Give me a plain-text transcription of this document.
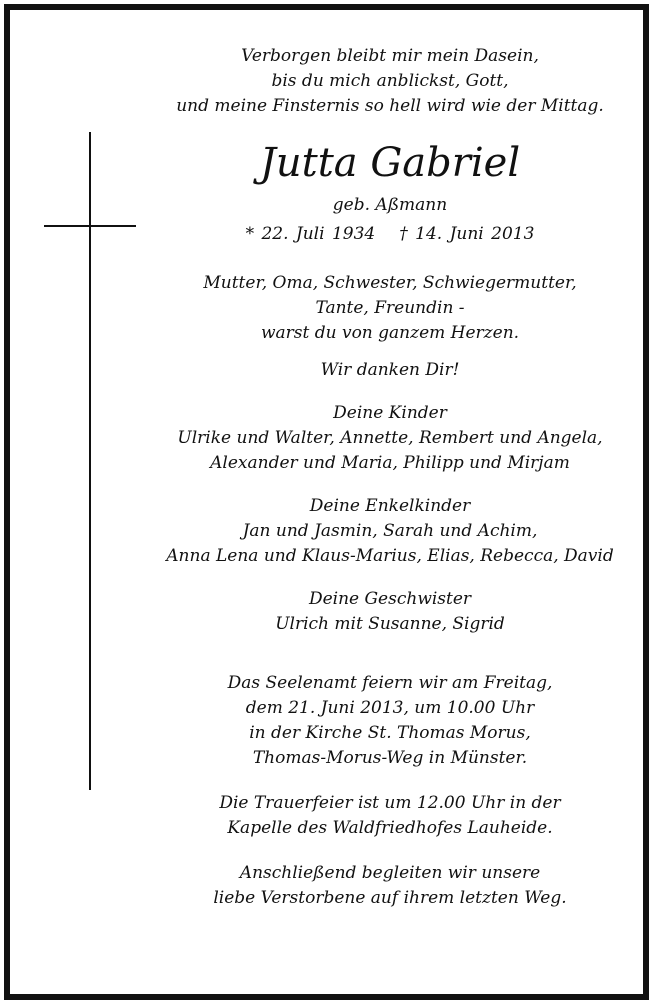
Verborgen bleibt mir mein Dasein,
bis du mich anblickst, Gott,
und meine Finsternis so hell wird wie der Mittag.
Jutta Gabriel
geb. Aßmann
* 22. Juli 1934 † 14. Juni 2013
Mutter, Oma, Schwester, Schwiegermutter,
Tante, Freundin -
warst du von ganzem Herzen.
Wir danken Dir!
Deine Kinder
Ulrike und Walter, Annette, Rembert und Angela,
Alexander und Maria, Philipp und Mirjam
Deine Enkelkinder
Jan und Jasmin, Sarah und Achim,
Anna Lena und Klaus-Marius, Elias, Rebecca, David
Deine Geschwister
Ulrich mit Susanne, Sigrid
Das Seelenamt feiern wir am Freitag,
dem 21. Juni 2013, um 10.00 Uhr
in der Kirche St. Thomas Morus,
Thomas-Morus-Weg in Münster.
Die Trauerfeier ist um 12.00 Uhr in der
Kapelle des Waldfriedhofes Lauheide.
Anschließend begleiten wir unsere
liebe Verstorbene auf ihrem letzten Weg.
